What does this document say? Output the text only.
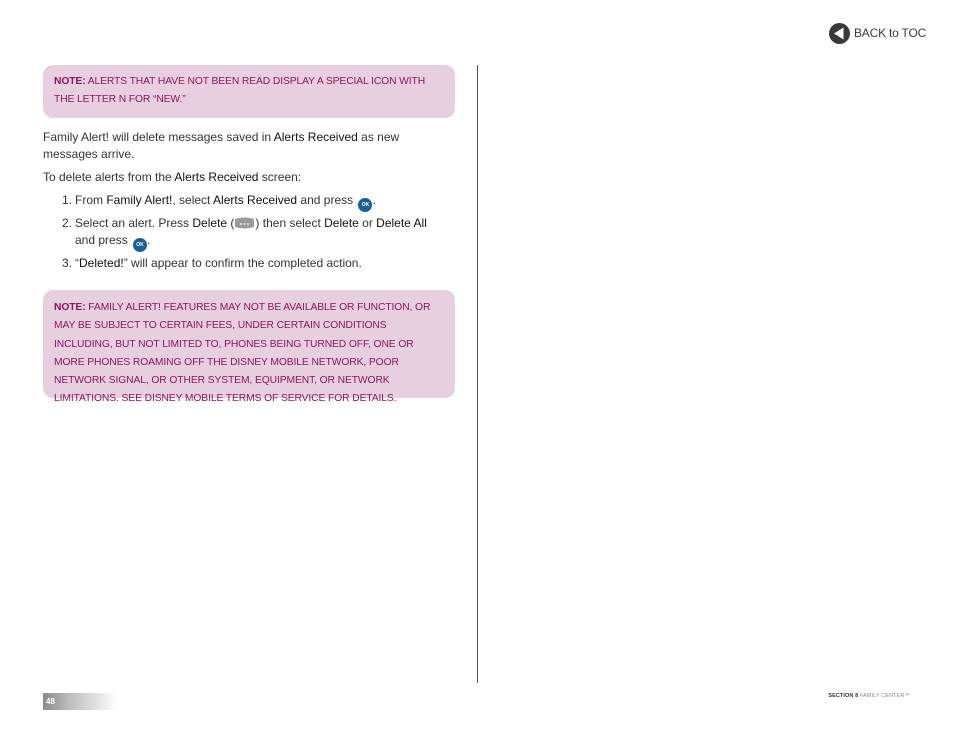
BACK to TOC
NOTE: ALERTS THAT HAVE NOT BEEN READ DISPLAY A SPECIAL ICON WITH THE LETTER N FOR “NEW.”
Family Alert! will delete messages saved in Alerts Received as new messages arrive.
To delete alerts from the Alerts Received screen:
1. From Family Alert!, select Alerts Received and press OK .
2. Select an alert. Press Delete ( ) then select Delete or Delete All
and press OK .
3. “Deleted!” will appear to confirm the completed action.
NOTE: FAMILY ALERT! FEATURES MAY NOT BE AVAILABLE OR FUNCTION, OR MAY BE SUBJECT TO CERTAIN FEES, UNDER CERTAIN CONDITIONS INCLUDING, BUT NOT LIMITED TO, PHONES BEING TURNED OFF, ONE OR MORE PHONES ROAMING OFF THE DISNEY MOBILE NETWORK, POOR NETWORK SIGNAL, OR OTHER SYSTEM, EQUIPMENT, OR NETWORK LIMITATIONS. SEE DISNEY MOBILE TERMS OF SERVICE FOR DETAILS.
48
SECTION 8 FAMILY CENTER™
